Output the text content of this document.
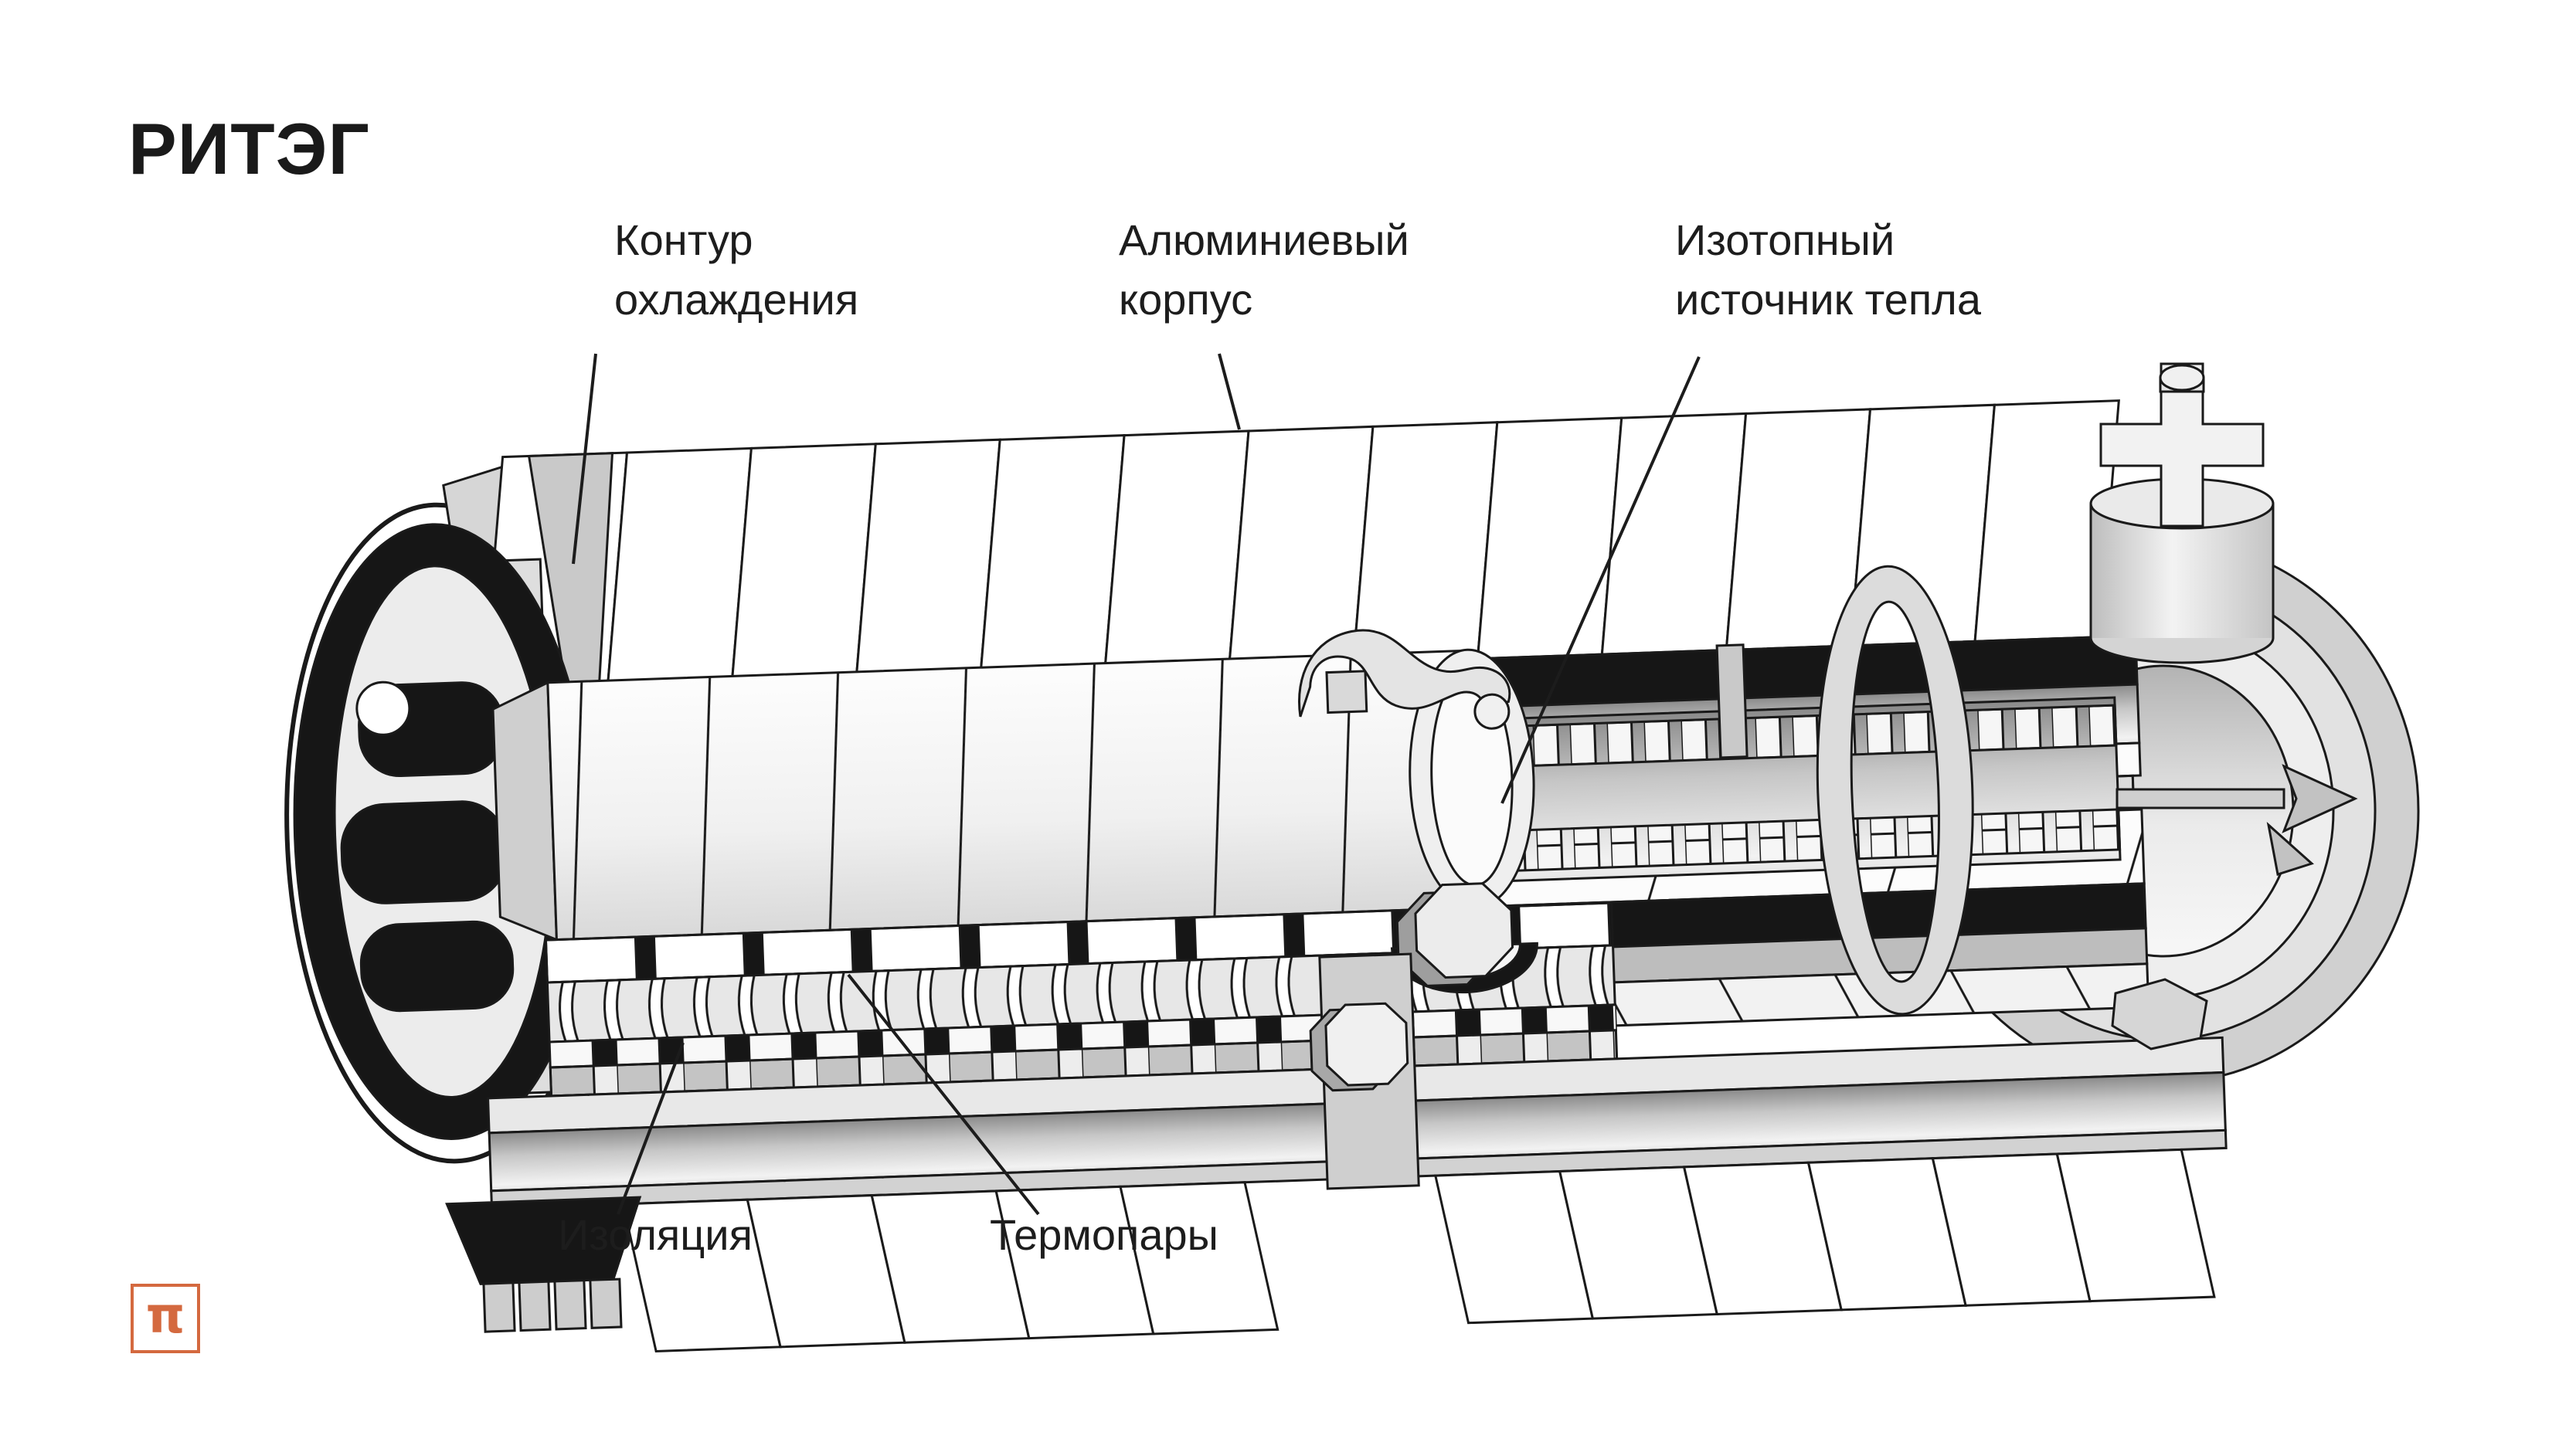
РИТЭГ
Контур
охлаждения
Алюминиевый
корпус
Изотопный
источник тепла
Изоляция	Термопары
π
